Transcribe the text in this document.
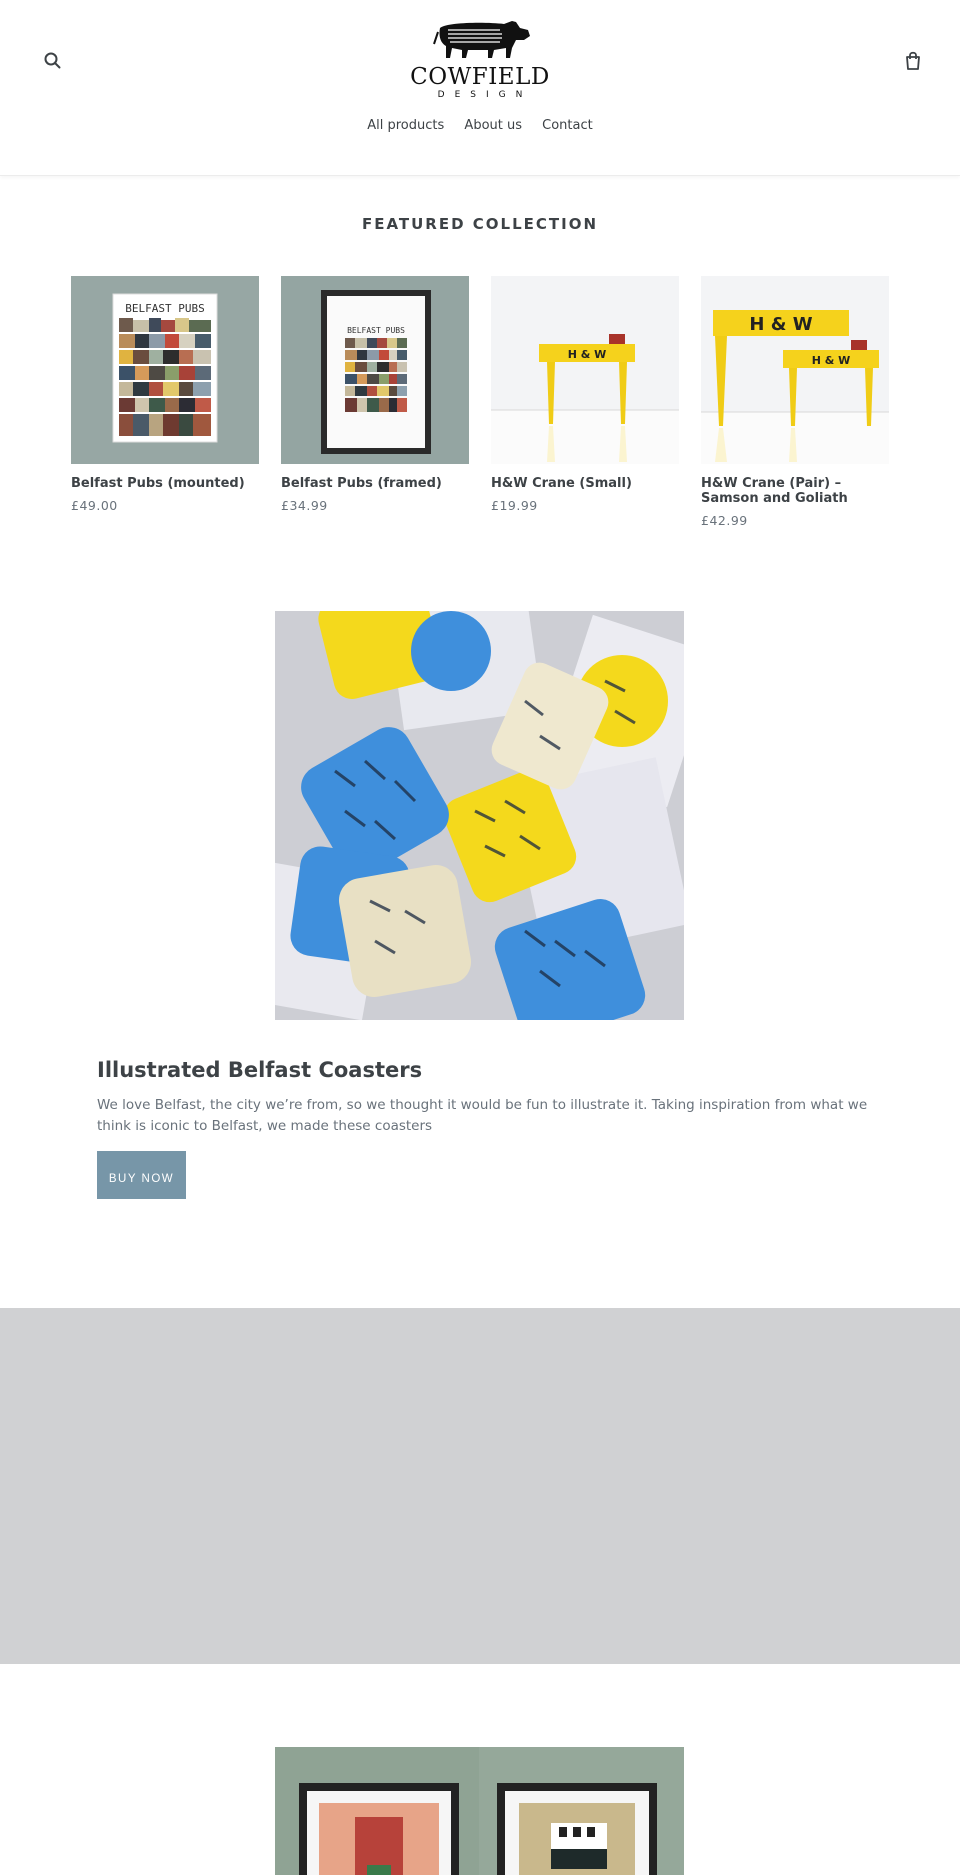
COWFIELD
DESIGN
All products About us Contact
FEATURED COLLECTION
BELFAST PUBS
Belfast Pubs (mounted)
£49.00
BELFAST PUBS
Belfast Pubs (framed)
£34.99
H & W
H&W Crane (Small)
£19.99
H & W
H & W
H&W Crane (Pair) – Samson and Goliath
£42.99
Illustrated Belfast Coasters
We love Belfast, the city we’re from, so we thought it would be fun to illustrate it. Taking inspiration from what we think is iconic to Belfast, we made these coasters
BUY NOW
